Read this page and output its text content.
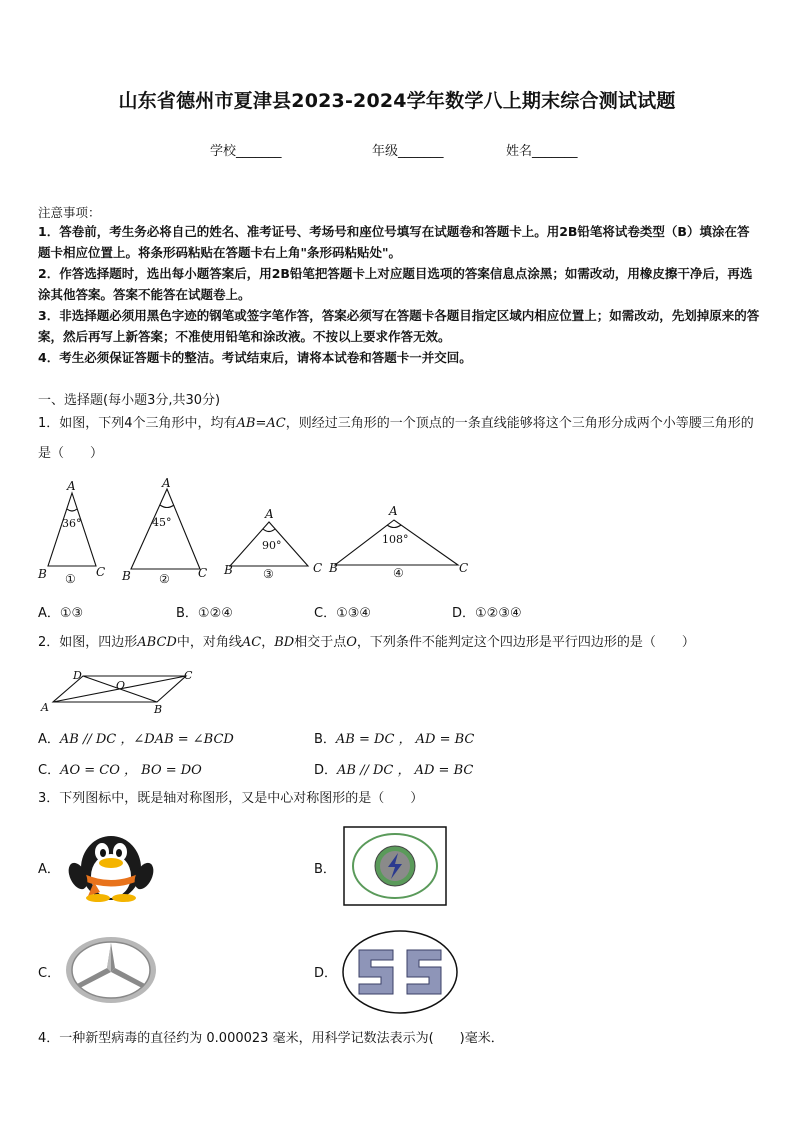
山东省德州市夏津县2023-2024学年数学八上期末综合测试试题
学校_______	年级_______	姓名_______
注意事项：
1．答卷前，考生务必将自己的姓名、准考证号、考场号和座位号填写在试题卷和答题卡上。用2B铅笔将试卷类型（B）填涂在答题卡相应位置上。将条形码粘贴在答题卡右上角"条形码粘贴处"。
2．作答选择题时，选出每小题答案后，用2B铅笔把答题卡上对应题目选项的答案信息点涂黑；如需改动，用橡皮擦干净后，再选涂其他答案。答案不能答在试题卷上。
3．非选择题必须用黑色字迹的钢笔或签字笔作答，答案必须写在答题卡各题目指定区域内相应位置上；如需改动，先划掉原来的答案，然后再写上新答案；不准使用铅笔和涂改液。不按以上要求作答无效。
4．考生必须保证答题卡的整洁。考试结束后，请将本试卷和答题卡一并交回。
一、选择题(每小题3分,共30分)
1．如图，下列4个三角形中，均有AB=AC，则经过三角形的一个顶点的一条直线能够将这个三角形分成两个小等腰三角形的是（　　）
A
B	C
A
B	C
A
B	C
A
B	C
36°	45°
90°	108°
①	②	③	④
A．①③	B．①②④	C．①③④	D．①②③④
2．如图，四边形ABCD中，对角线AC，BD相交于点O，下列条件不能判定这个四边形是平行四边形的是（　　）
A	B
C
D
O
A．AB // DC ，∠DAB = ∠BCD	B．AB = DC ， AD = BC
C．AO = CO ， BO = DO	D．AB // DC ， AD = BC
3．下列图标中，既是轴对称图形，又是中心对称图形的是（　　）
A．	B．
C．	D．
4．一种新型病毒的直径约为 0.000023 毫米，用科学记数法表示为(　　)毫米．
